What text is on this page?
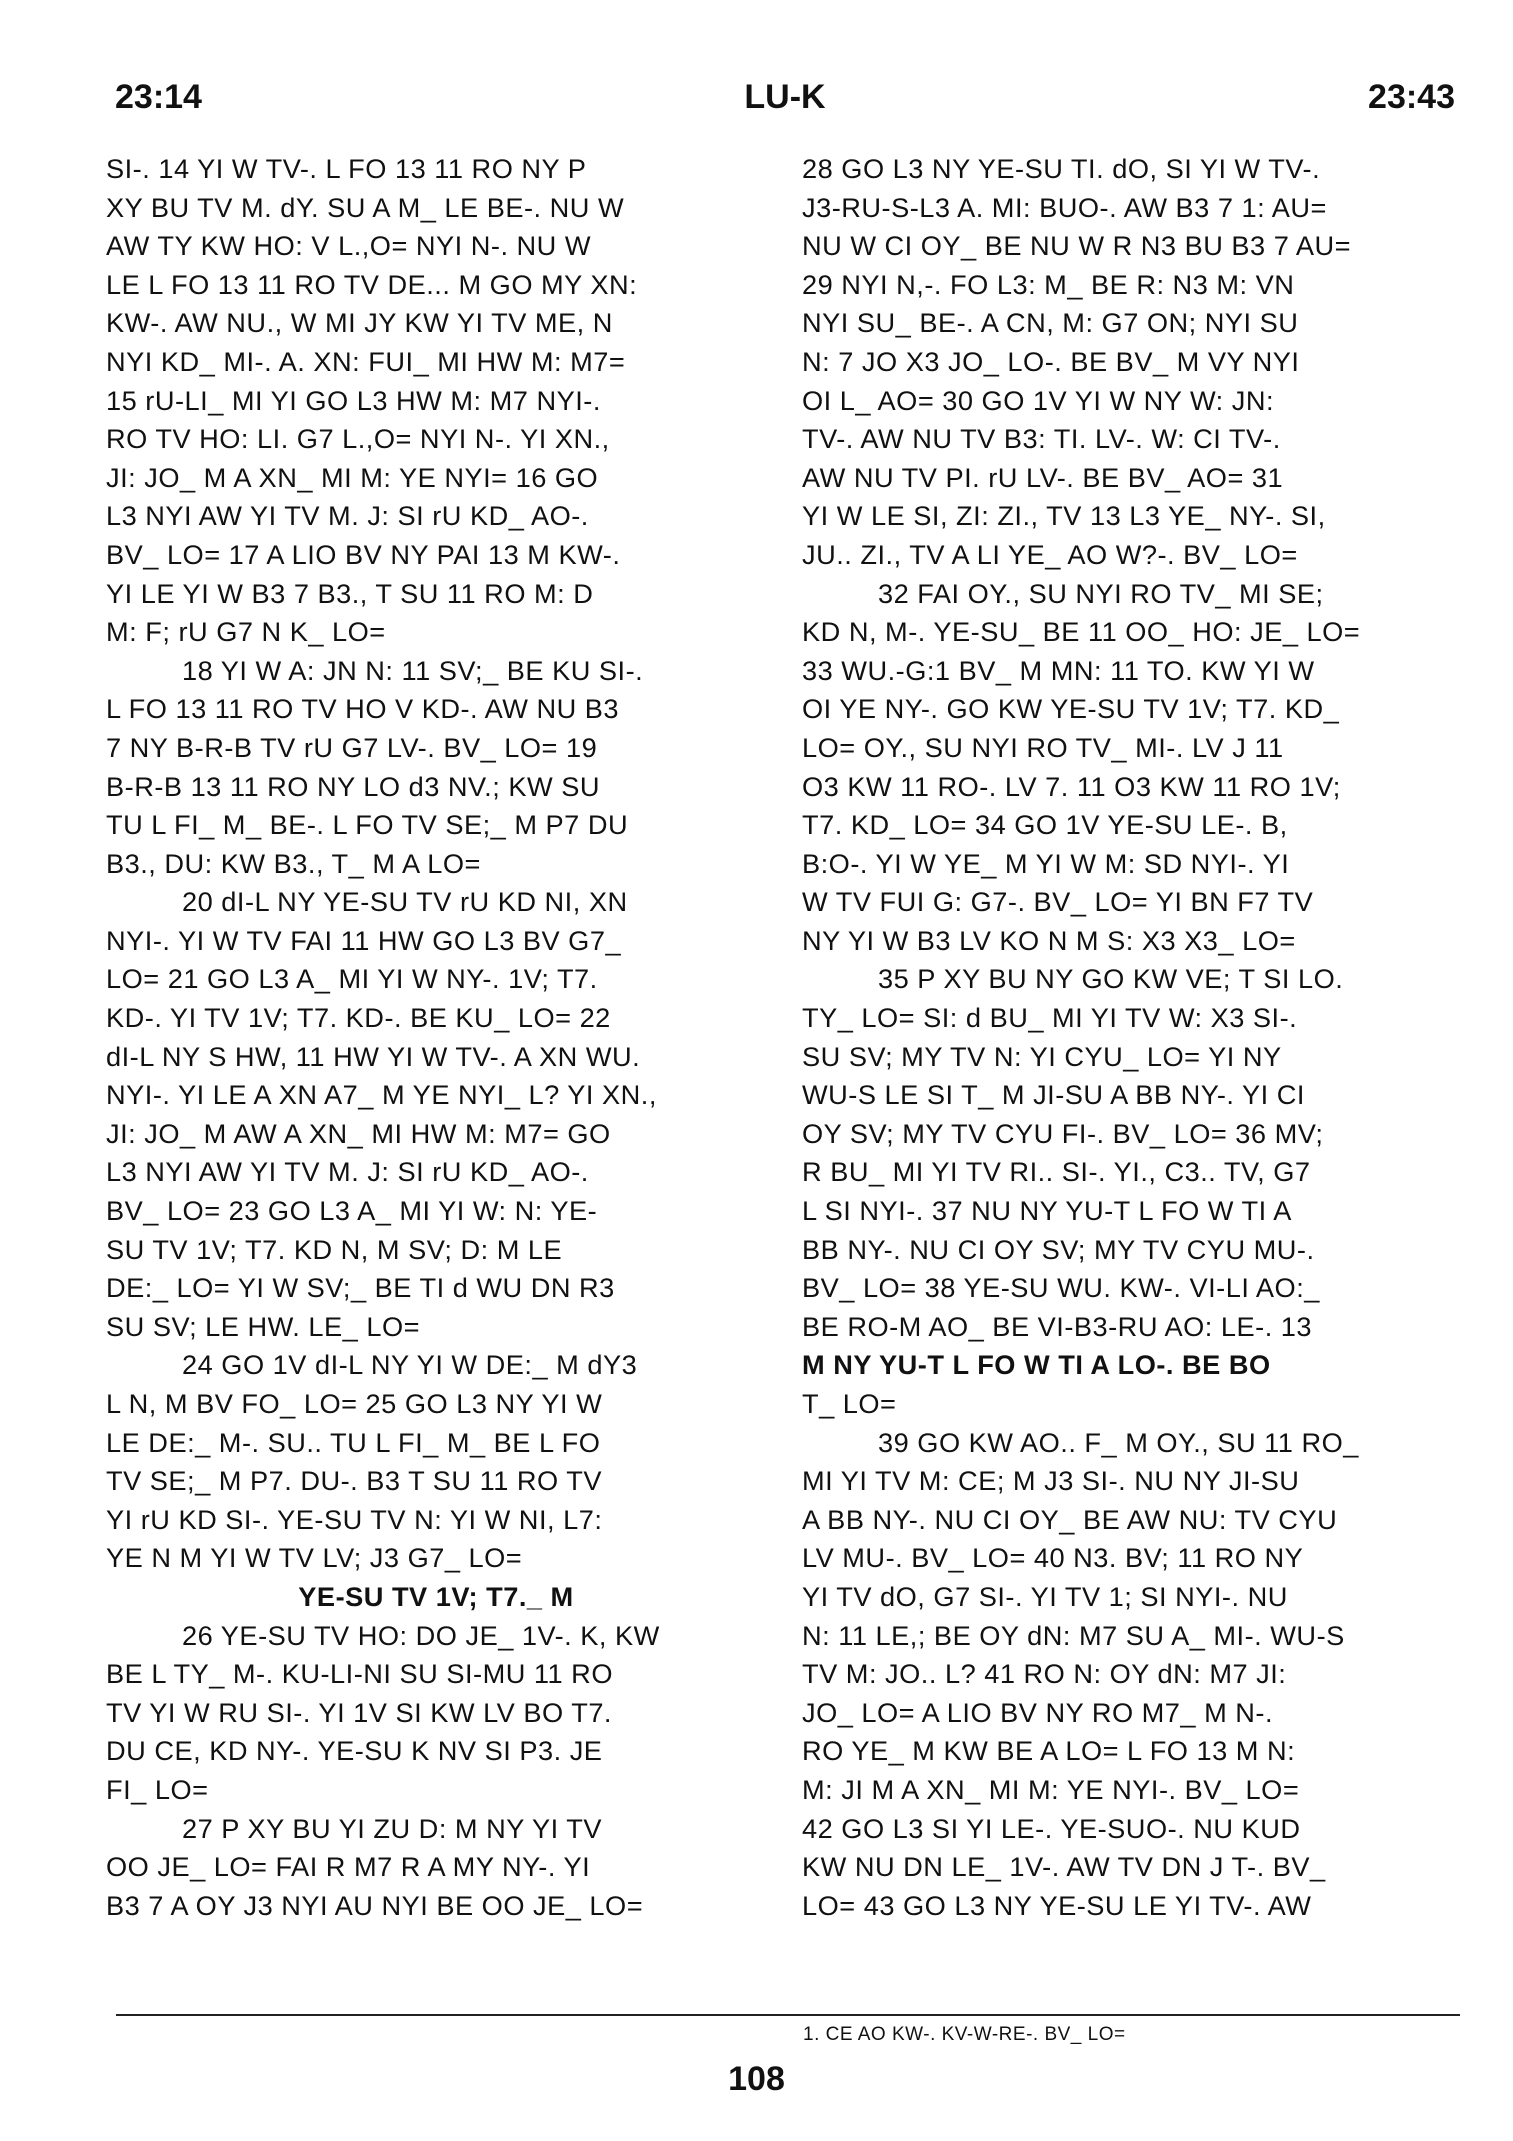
23:14	LU-K	23:43
SI-. 14 YI W TV-. L FO 13 11 RO NY P
XY BU TV M. dY. SU A M_ LE BE-. NU W
AW TY KW HO: V L.,O= NYI N-. NU W
LE L FO 13 11 RO TV DE... M GO MY XN:
KW-. AW NU., W MI JY KW YI TV ME, N
NYI KD_ MI-. A. XN: FUI_ MI HW M: M7=
15 rU-LI_ MI YI GO L3 HW M: M7 NYI-.
RO TV HO: LI. G7 L.,O= NYI N-. YI XN.,
JI: JO_ M A XN_ MI M: YE NYI= 16 GO
L3 NYI AW YI TV M. J: SI rU KD_ AO-.
BV_ LO= 17 A LIO BV NY PAI 13 M KW-.
YI LE YI W B3 7 B3., T SU 11 RO M: D
M: F; rU G7 N K_ LO=
18 YI W A: JN N: 11 SV;_ BE KU SI-.
L FO 13 11 RO TV HO V KD-. AW NU B3
7 NY B-R-B TV rU G7 LV-. BV_ LO= 19
B-R-B 13 11 RO NY LO d3 NV.; KW SU
TU L FI_ M_ BE-. L FO TV SE;_ M P7 DU
B3., DU: KW B3., T_ M A LO=
20 dI-L NY YE-SU TV rU KD NI, XN
NYI-. YI W TV FAI 11 HW GO L3 BV G7_
LO= 21 GO L3 A_ MI YI W NY-. 1V; T7.
KD-. YI TV 1V; T7. KD-. BE KU_ LO= 22
dI-L NY S HW, 11 HW YI W TV-. A XN WU.
NYI-. YI LE A XN A7_ M YE NYI_ L? YI XN.,
JI: JO_ M AW A XN_ MI HW M: M7= GO
L3 NYI AW YI TV M. J: SI rU KD_ AO-.
BV_ LO= 23 GO L3 A_ MI YI W: N: YE-
SU TV 1V; T7. KD N, M SV; D: M LE
DE:_ LO= YI W SV;_ BE TI d WU DN R3
SU SV; LE HW. LE_ LO=
24 GO 1V dI-L NY YI W DE:_ M dY3
L N, M BV FO_ LO= 25 GO L3 NY YI W
LE DE:_ M-. SU.. TU L FI_ M_ BE L FO
TV SE;_ M P7. DU-. B3 T SU 11 RO TV
YI rU KD SI-. YE-SU TV N: YI W NI, L7:
YE N M YI W TV LV; J3 G7_ LO=
YE-SU TV 1V; T7._ M
26 YE-SU TV HO: DO JE_ 1V-. K, KW
BE L TY_ M-. KU-LI-NI SU SI-MU 11 RO
TV YI W RU SI-. YI 1V SI KW LV BO T7.
DU CE, KD NY-. YE-SU K NV SI P3. JE
FI_ LO=
27 P XY BU YI ZU D: M NY YI TV
OO JE_ LO= FAI R M7 R A MY NY-. YI
B3 7 A OY J3 NYI AU NYI BE OO JE_ LO=
28 GO L3 NY YE-SU TI. dO, SI YI W TV-.
J3-RU-S-L3 A. MI: BUO-. AW B3 7 1: AU=
NU W CI OY_ BE NU W R N3 BU B3 7 AU=
29 NYI N,-. FO L3: M_ BE R: N3 M: VN
NYI SU_ BE-. A CN, M: G7 ON; NYI SU
N: 7 JO X3 JO_ LO-. BE BV_ M VY NYI
OI L_ AO= 30 GO 1V YI W NY W: JN:
TV-. AW NU TV B3: TI. LV-. W: CI TV-.
AW NU TV PI. rU LV-. BE BV_ AO= 31
YI W LE SI, ZI: ZI., TV 13 L3 YE_ NY-. SI,
JU.. ZI., TV A LI YE_ AO W?-. BV_ LO=
32 FAI OY., SU NYI RO TV_ MI SE;
KD N, M-. YE-SU_ BE 11 OO_ HO: JE_ LO=
33 WU.-G:1 BV_ M MN: 11 TO. KW YI W
OI YE NY-. GO KW YE-SU TV 1V; T7. KD_
LO= OY., SU NYI RO TV_ MI-. LV J 11
O3 KW 11 RO-. LV 7. 11 O3 KW 11 RO 1V;
T7. KD_ LO= 34 GO 1V YE-SU LE-. B,
B:O-. YI W YE_ M YI W M: SD NYI-. YI
W TV FUI G: G7-. BV_ LO= YI BN F7 TV
NY YI W B3 LV KO N M S: X3 X3_ LO=
35 P XY BU NY GO KW VE; T SI LO.
TY_ LO= SI: d BU_ MI YI TV W: X3 SI-.
SU SV; MY TV N: YI CYU_ LO= YI NY
WU-S LE SI T_ M JI-SU A BB NY-. YI CI
OY SV; MY TV CYU FI-. BV_ LO= 36 MV;
R BU_ MI YI TV RI.. SI-. YI., C3.. TV, G7
L SI NYI-. 37 NU NY YU-T L FO W TI A
BB NY-. NU CI OY SV; MY TV CYU MU-.
BV_ LO= 38 YE-SU WU. KW-. VI-LI AO:_
BE RO-M AO_ BE VI-B3-RU AO: LE-. 13
M NY YU-T L FO W TI A LO-. BE BO
T_ LO=
39 GO KW AO.. F_ M OY., SU 11 RO_
MI YI TV M: CE; M J3 SI-. NU NY JI-SU
A BB NY-. NU CI OY_ BE AW NU: TV CYU
LV MU-. BV_ LO= 40 N3. BV; 11 RO NY
YI TV dO, G7 SI-. YI TV 1; SI NYI-. NU
N: 11 LE,; BE OY dN: M7 SU A_ MI-. WU-S
TV M: JO.. L? 41 RO N: OY dN: M7 JI:
JO_ LO= A LIO BV NY RO M7_ M N-.
RO YE_ M KW BE A LO= L FO 13 M N:
M: JI M A XN_ MI M: YE NYI-. BV_ LO=
42 GO L3 SI YI LE-. YE-SUO-. NU KUD
KW NU DN LE_ 1V-. AW TV DN J T-. BV_
LO= 43 GO L3 NY YE-SU LE YI TV-. AW
1. CE AO KW-. KV-W-RE-. BV_ LO=
108
